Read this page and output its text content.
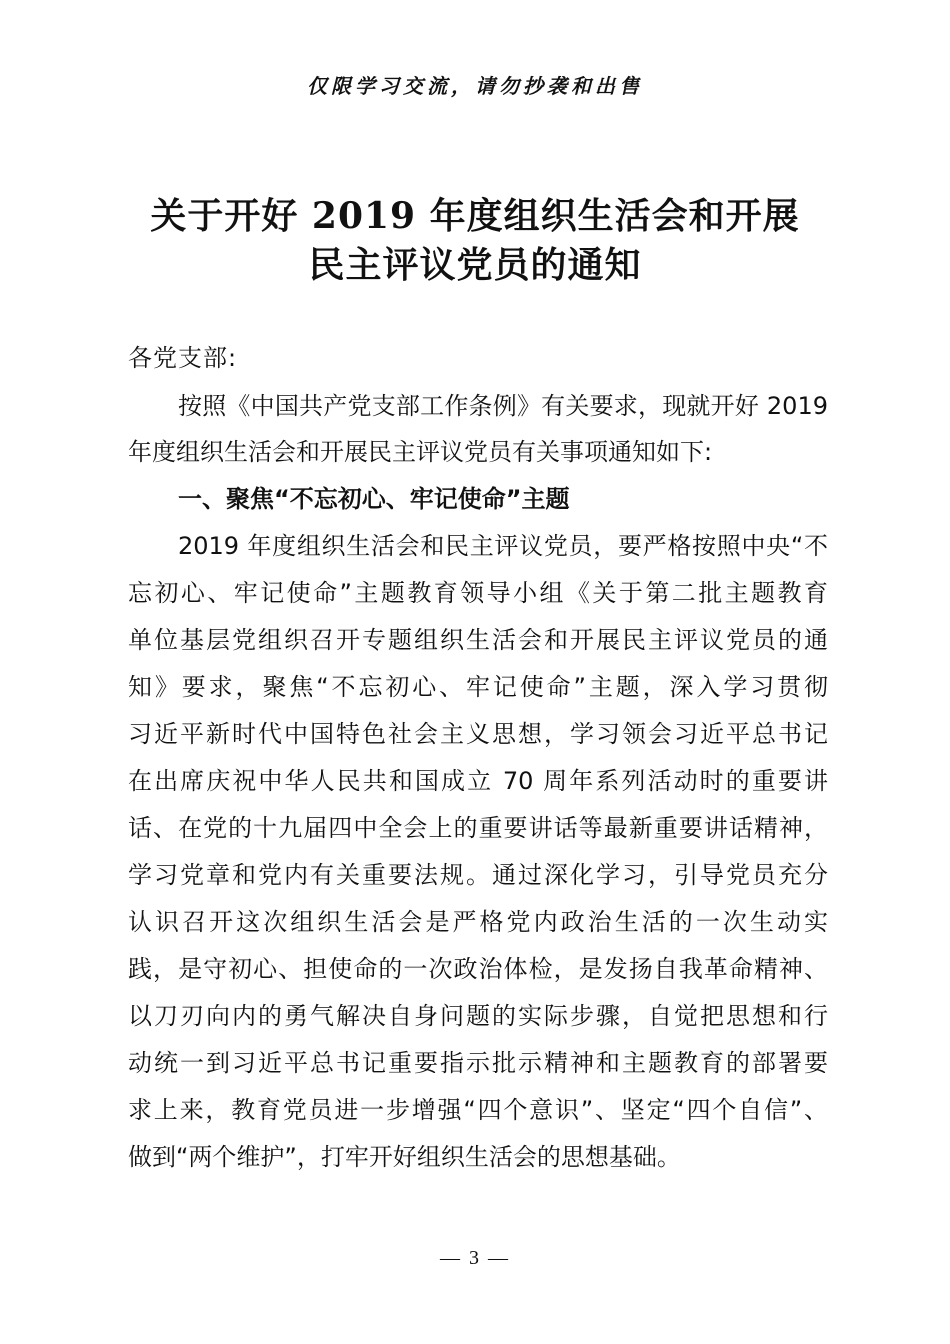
仅限学习交流，请勿抄袭和出售
关于开好 2019 年度组织生活会和开展
民主评议党员的通知
各党支部:
按照《中国共产党支部工作条例》有关要求，现就开好 2019
年度组织生活会和开展民主评议党员有关事项通知如下:
一、聚焦“不忘初心、牢记使命”主题
2019 年度组织生活会和民主评议党员，要严格按照中央“不
忘初心、牢记使命”主题教育领导小组《关于第二批主题教育
单位基层党组织召开专题组织生活会和开展民主评议党员的通
知》要求，聚焦“不忘初心、牢记使命”主题，深入学习贯彻
习近平新时代中国特色社会主义思想，学习领会习近平总书记
在出席庆祝中华人民共和国成立 70 周年系列活动时的重要讲
话、在党的十九届四中全会上的重要讲话等最新重要讲话精神，
学习党章和党内有关重要法规。通过深化学习，引导党员充分
认识召开这次组织生活会是严格党内政治生活的一次生动实
践，是守初心、担使命的一次政治体检，是发扬自我革命精神、
以刀刃向内的勇气解决自身问题的实际步骤，自觉把思想和行
动统一到习近平总书记重要指示批示精神和主题教育的部署要
求上来，教育党员进一步增强“四个意识”、坚定“四个自信”、
做到“两个维护”，打牢开好组织生活会的思想基础。
— 3 —
